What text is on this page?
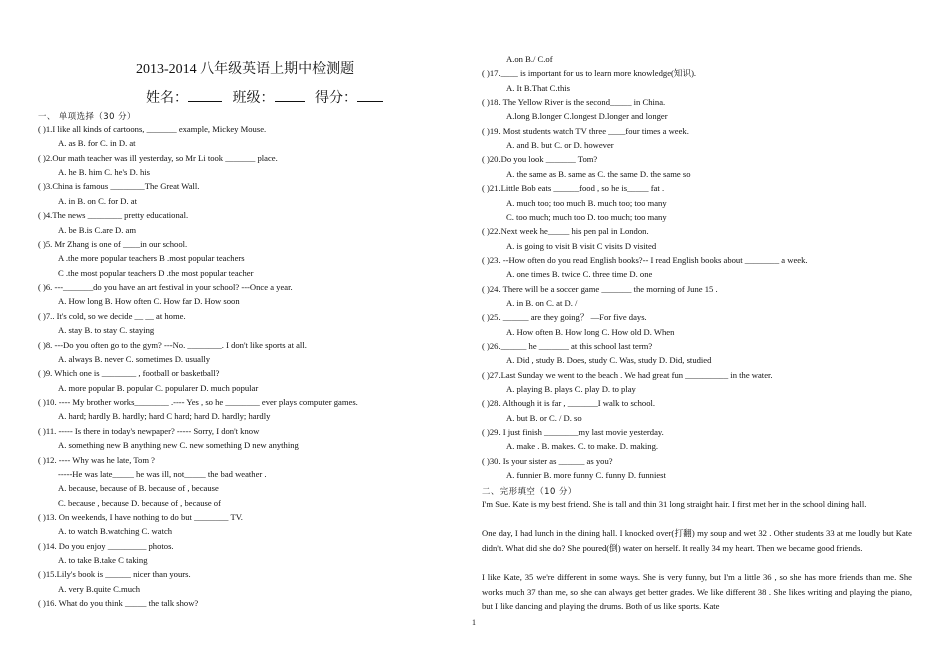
2013-2014 八年级英语上期中检测题
姓名：	班级：	得分：
一、 单项选择（30 分）
( )1.I like all kinds of cartoons, _______ example, Mickey Mouse.
A. as B. for C. in D. at
( )2.Our math teacher was ill yesterday, so Mr Li took _______ place.
A. he B. him C. he's D. his
( )3.China is famous ________The Great Wall.
A. in B. on C. for D. at
( )4.The news ________ pretty educational.
A. be B.is C.are D. am
( )5. Mr Zhang is one of ____in our school.
A .the more popular teachers B .most popular teachers
C .the most popular teachers D .the most popular teacher
( )6. ---_______do you have an art festival in your school? ---Once a year.
A. How long B. How often C. How far D. How soon
( )7.. It's cold, so we decide __ __ at home.
A. stay B. to stay C. staying
( )8. ---Do you often go to the gym? ---No. ________. I don't like sports at all.
A. always B. never C. sometimes D. usually
( )9. Which one is ________ , football or basketball?
A. more popular B. popular C. popularer D. much popular
( )10. ---- My brother works________ .---- Yes , so he ________ ever plays computer games.
A. hard; hardly B. hardly; hard C hard; hard D. hardly; hardly
( )11. ----- Is there in today's newpaper? ----- Sorry, I don't know
A. something new B anything new C. new something D new anything
( )12. ---- Why was he late, Tom ?
-----He was late_____ he was ill, not_____ the bad weather .
A. because, because of B. because of , because
C. because , because D. because of , because of
( )13. On weekends, I have nothing to do but ________ TV.
A. to watch B.watching C. watch
( )14. Do you enjoy _________ photos.
A. to take B.take C taking
( )15.Lily's book is ______ nicer than yours.
A. very B.quite C.much
( )16. What do you think _____ the talk show?
A.on B./ C.of
( )17.____ is important for us to learn more knowledge(知识).
A. It B.That C.this
( )18. The Yellow River is the second_____ in China.
A.long B.longer C.longest D.longer and longer
( )19. Most students watch TV three ____four times a week.
A. and B. but C. or D. however
( )20.Do you look _______ Tom?
A. the same as B. same as C. the same D. the same so
( )21.Little Bob eats ______food , so he is_____ fat .
A. much too; too much B. much too; too many
C. too much; much too D. too much; too many
( )22.Next week he_____ his pen pal in London.
A. is going to visit B visit C visits D visited
( )23. --How often do you read English books?-- I read English books about ________ a week.
A. one times B. twice C. three time D. one
( )24. There will be a soccer game _______ the morning of June 15 .
A. in B. on C. at D. /
( )25. ______ are they going？ —For five days.
A. How often B. How long C. How old D. When
( )26.______ he _______ at this school last term?
A. Did , study B. Does, study C. Was, study D. Did, studied
( )27.Last Sunday we went to the beach . We had great fun __________ in the water.
A. playing B. plays C. play D. to play
( )28. Although it is far , _______I walk to school.
A. but B. or C. / D. so
( )29. I just finish ________my last movie yesterday.
A. make . B. makes. C. to make. D. making.
( )30. Is your sister as ______ as you?
A. funnier B. more funny C. funny D. funniest
二、完形填空（10 分）
I'm Sue. Kate is my best friend. She is tall and thin 31 long straight hair. I first met her in the school dining hall.
One day, I had lunch in the dining hall. I knocked over(打翻) my soup and wet 32 . Other students 33 at me loudly but Kate didn't. What did she do? She poured(倒) water on herself. It really 34 my heart. Then we became good friends.
I like Kate, 35 we're different in some ways. She is very funny, but I'm a little 36 , so she has more friends than me. She works much 37 than me, so she can always get better grades. We like different 38 . She likes writing and playing the piano, but I like dancing and playing the drums. Both of us like sports. Kate
1
